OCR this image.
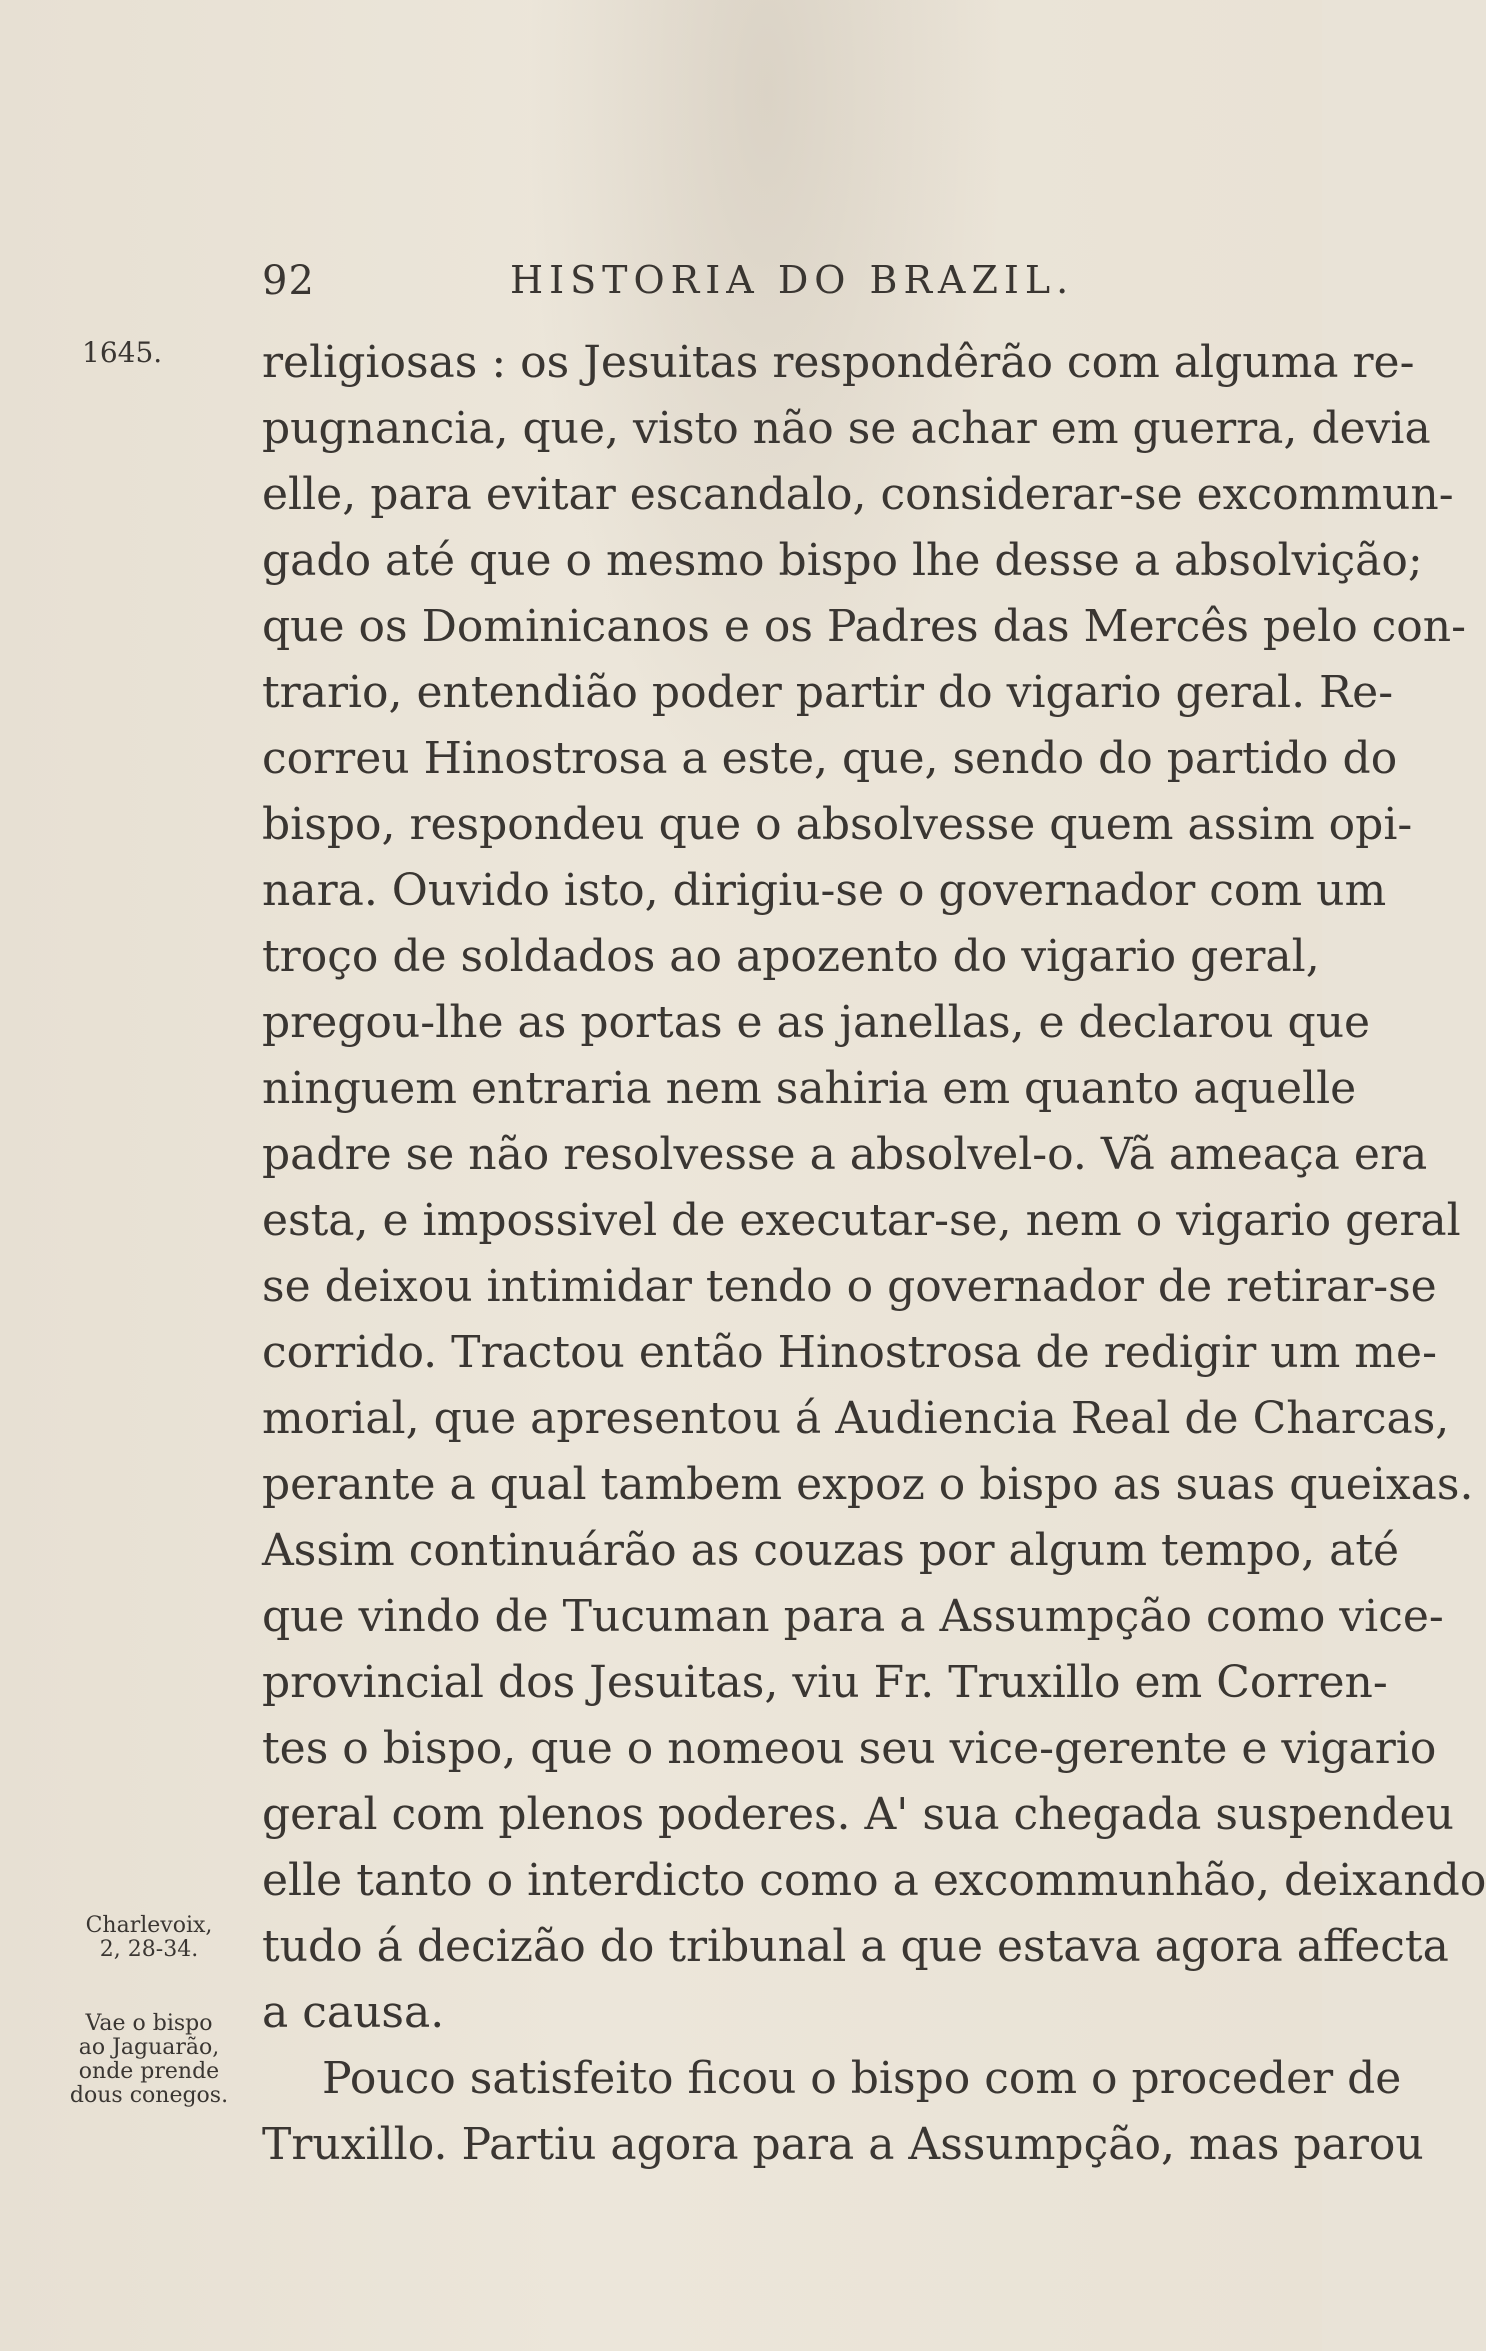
92	HISTORIA DO BRAZIL.
1645.
Charlevoix,
2, 28-34.
Vae o bispo
ao Jaguarão,
onde prende
dous conegos.
religiosas : os Jesuitas respondêrão com alguma re-
pugnancia, que, visto não se achar em guerra, devia
elle, para evitar escandalo, considerar-se excommun-
gado até que o mesmo bispo lhe desse a absolvição;
que os Dominicanos e os Padres das Mercês pelo con-
trario, entendião poder partir do vigario geral. Re-
correu Hinostrosa a este, que, sendo do partido do
bispo, respondeu que o absolvesse quem assim opi-
nara. Ouvido isto, dirigiu-se o governador com um
troço de soldados ao apozento do vigario geral,
pregou-lhe as portas e as janellas, e declarou que
ninguem entraria nem sahiria em quanto aquelle
padre se não resolvesse a absolvel-o. Vã ameaça era
esta, e impossivel de executar-se, nem o vigario geral
se deixou intimidar tendo o governador de retirar-se
corrido. Tractou então Hinostrosa de redigir um me-
morial, que apresentou á Audiencia Real de Charcas,
perante a qual tambem expoz o bispo as suas queixas.
Assim continuárão as couzas por algum tempo, até
que vindo de Tucuman para a Assumpção como vice-
provincial dos Jesuitas, viu Fr. Truxillo em Corren-
tes o bispo, que o nomeou seu vice-gerente e vigario
geral com plenos poderes. A' sua chegada suspendeu
elle tanto o interdicto como a excommunhão, deixando
tudo á decizão do tribunal a que estava agora affecta
a causa.
Pouco satisfeito ficou o bispo com o proceder de
Truxillo. Partiu agora para a Assumpção, mas parou
